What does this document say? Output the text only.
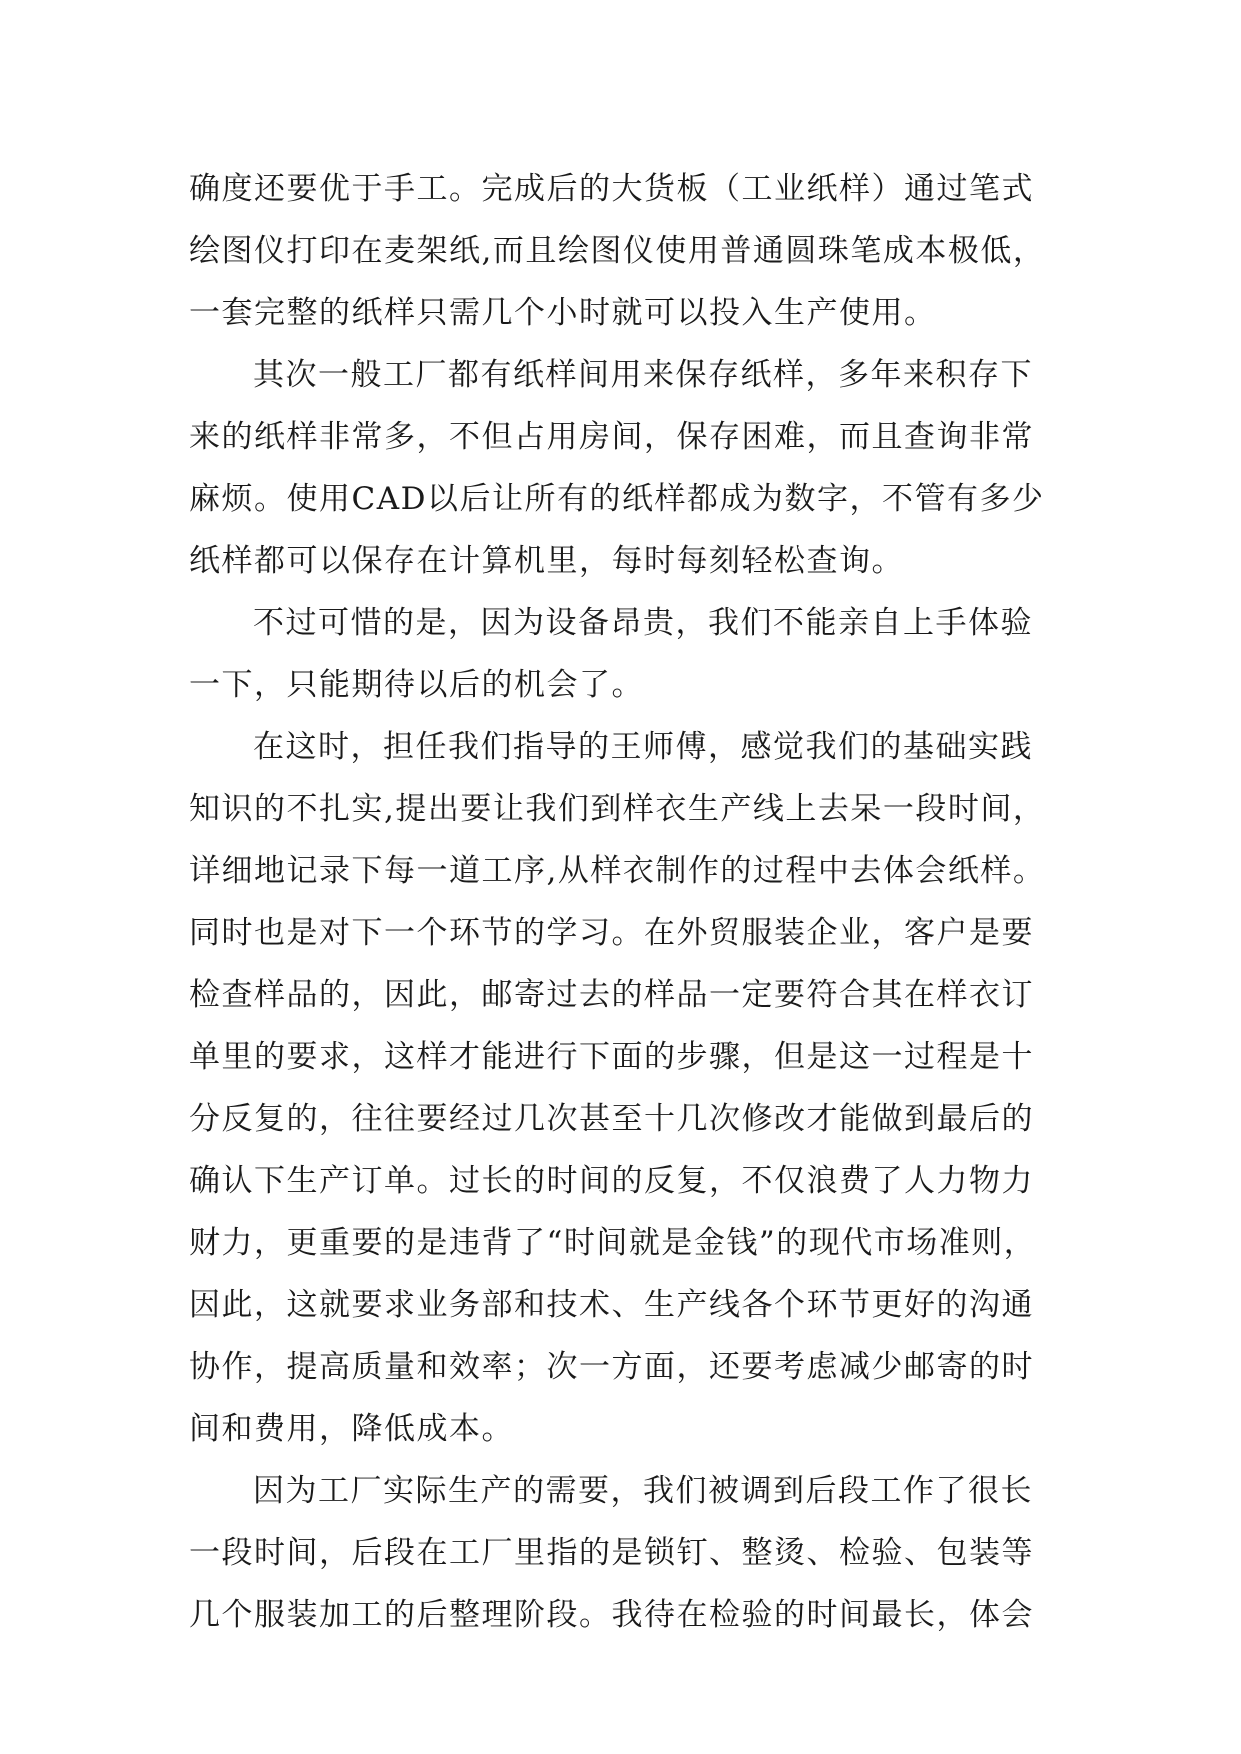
确度还要优于手工。完成后的大货板（工业纸样）通过笔式
绘图仪打印在麦架纸,而且绘图仪使用普通圆珠笔成本极低，
一套完整的纸样只需几个小时就可以投入生产使用。
其次一般工厂都有纸样间用来保存纸样，多年来积存下
来的纸样非常多，不但占用房间，保存困难，而且查询非常
麻烦。使用CAD以后让所有的纸样都成为数字，不管有多少
纸样都可以保存在计算机里，每时每刻轻松查询。
不过可惜的是，因为设备昂贵，我们不能亲自上手体验
一下，只能期待以后的机会了。
在这时，担任我们指导的王师傅，感觉我们的基础实践
知识的不扎实,提出要让我们到样衣生产线上去呆一段时间，
详细地记录下每一道工序,从样衣制作的过程中去体会纸样。
同时也是对下一个环节的学习。在外贸服装企业，客户是要
检查样品的，因此，邮寄过去的样品一定要符合其在样衣订
单里的要求，这样才能进行下面的步骤，但是这一过程是十
分反复的，往往要经过几次甚至十几次修改才能做到最后的
确认下生产订单。过长的时间的反复，不仅浪费了人力物力
财力，更重要的是违背了“时间就是金钱”的现代市场准则，
因此，这就要求业务部和技术、生产线各个环节更好的沟通
协作，提高质量和效率；次一方面，还要考虑减少邮寄的时
间和费用，降低成本。
因为工厂实际生产的需要，我们被调到后段工作了很长
一段时间，后段在工厂里指的是锁钉、整烫、检验、包装等
几个服装加工的后整理阶段。我待在检验的时间最长，体会
